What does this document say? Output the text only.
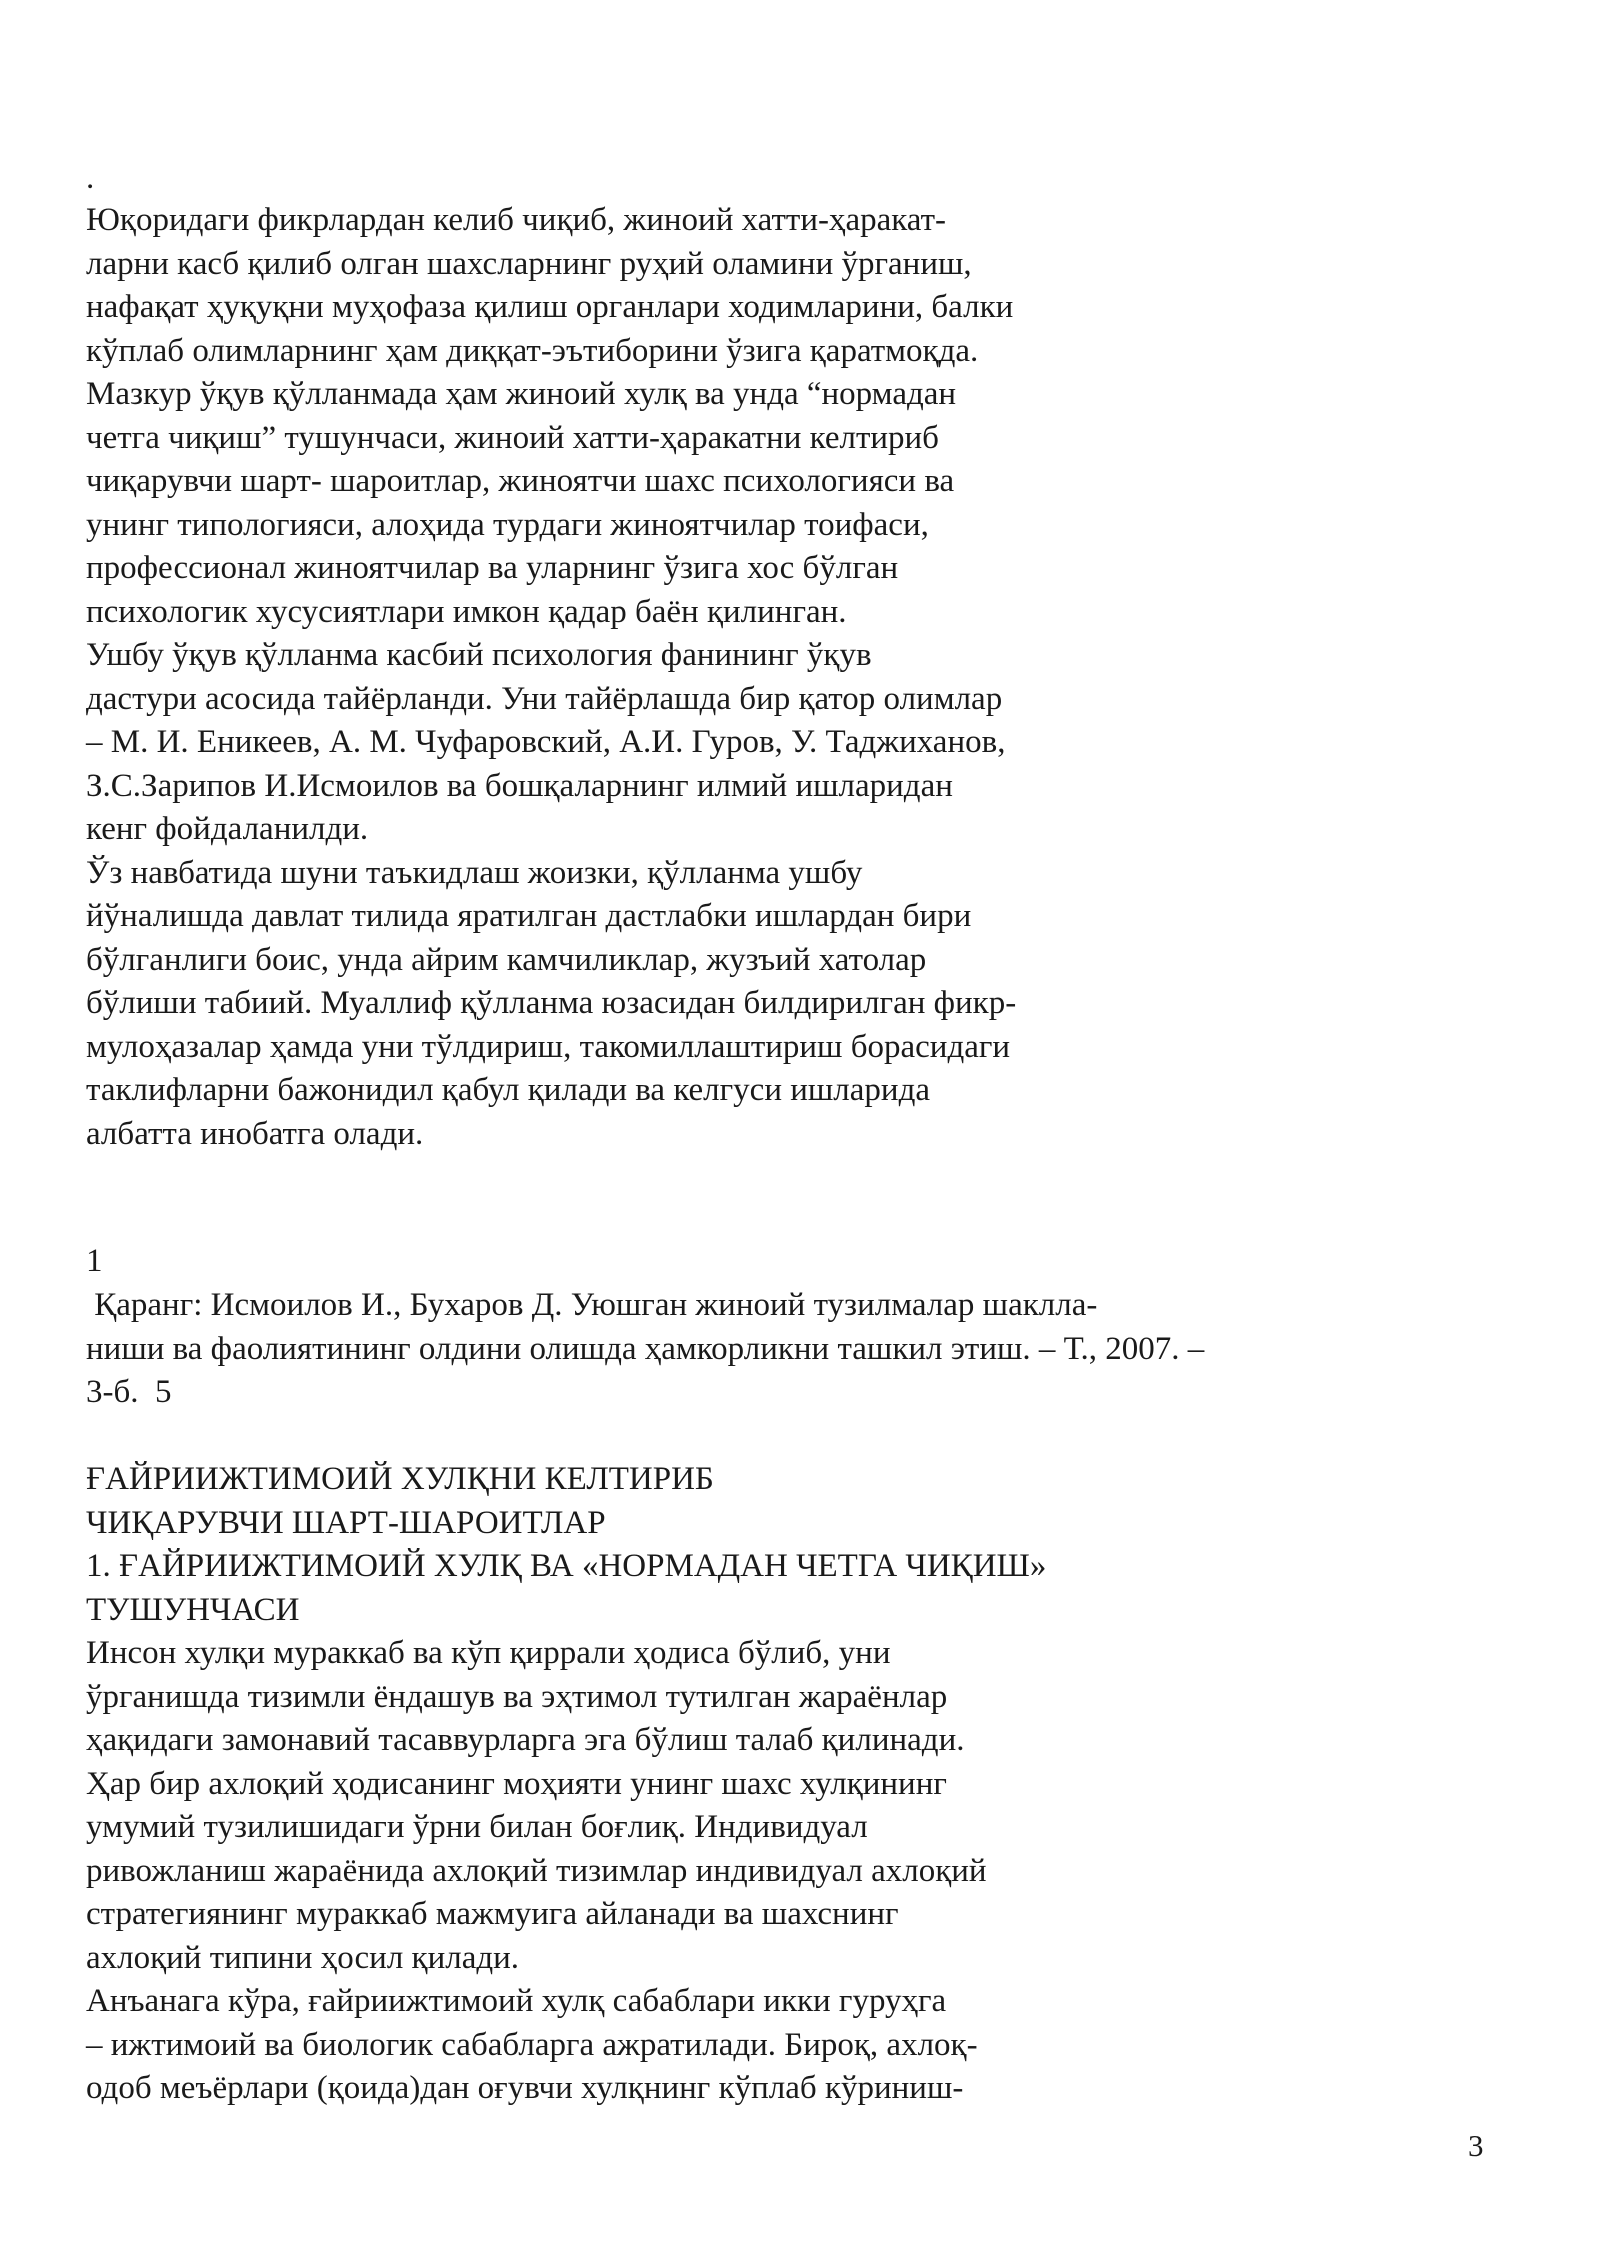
.
Юқоридаги фикрлардан келиб чиқиб, жиноий хатти-ҳаракат-
ларни касб қилиб олган шахсларнинг руҳий оламини ўрганиш,
нафақат ҳуқуқни муҳофаза қилиш органлари ходимларини, балки
кўплаб олимларнинг ҳам диққат-эътиборини ўзига қаратмоқда.
Мазкур ўқув қўлланмада ҳам жиноий хулқ ва унда “нормадан
четга чиқиш” тушунчаси, жиноий хатти-ҳаракатни келтириб
чиқарувчи шарт- шароитлар, жиноятчи шахс психологияси ва
унинг типологияси, алоҳида турдаги жиноятчилар тоифаси,
профессионал жиноятчилар ва уларнинг ўзига хос бўлган
психологик хусусиятлари имкон қадар баён қилинган.
Ушбу ўқув қўлланма касбий психология фанининг ўқув
дастури асосида тайёрланди. Уни тайёрлашда бир қатор олимлар
– М. И. Еникеев, А. М. Чуфаровский, А.И. Гуров, У. Таджиханов,
З.С.Зарипов И.Исмоилов ва бошқаларнинг илмий ишларидан
кенг фойдаланилди.
Ўз навбатида шуни таъкидлаш жоизки, қўлланма ушбу
йўналишда давлат тилида яратилган дастлабки ишлардан бири
бўлганлиги боис, унда айрим камчиликлар, жузъий хатолар
бўлиши табиий. Муаллиф қўлланма юзасидан билдирилган фикр-
мулоҳазалар ҳамда уни тўлдириш, такомиллаштириш борасидаги
таклифларни бажонидил қабул қилади ва келгуси ишларида
албатта инобатга олади.
1
Қаранг: Исмоилов И., Бухаров Д. Уюшган жиноий тузилмалар шаклла-
ниши ва фаолиятининг олдини олишда ҳамкорликни ташкил этиш. – Т., 2007. –
3-б.  5
ҒАЙРИИЖТИМОИЙ ХУЛҚНИ КЕЛТИРИБ
ЧИҚАРУВЧИ ШАРТ-ШАРОИТЛАР
1. ҒАЙРИИЖТИМОИЙ ХУЛҚ ВА «НОРМАДАН ЧЕТГА ЧИҚИШ»
ТУШУНЧАСИ
Инсон хулқи мураккаб ва кўп қиррали ҳодиса бўлиб, уни
ўрганишда тизимли ёндашув ва эҳтимол тутилган жараёнлар
ҳақидаги замонавий тасаввурларга эга бўлиш талаб қилинади.
Ҳар бир ахлоқий ҳодисанинг моҳияти унинг шахс хулқининг
умумий тузилишидаги ўрни билан боғлиқ. Индивидуал
ривожланиш жараёнида ахлоқий тизимлар индивидуал ахлоқий
стратегиянинг мураккаб мажмуига айланади ва шахснинг
ахлоқий типини ҳосил қилади.
Анъанага кўра, ғайриижтимоий хулқ сабаблари икки гуруҳга
– ижтимоий ва биологик сабабларга ажратилади. Бироқ, ахлоқ-
одоб меъёрлари (қоида)дан оғувчи хулқнинг кўплаб кўриниш-
3
